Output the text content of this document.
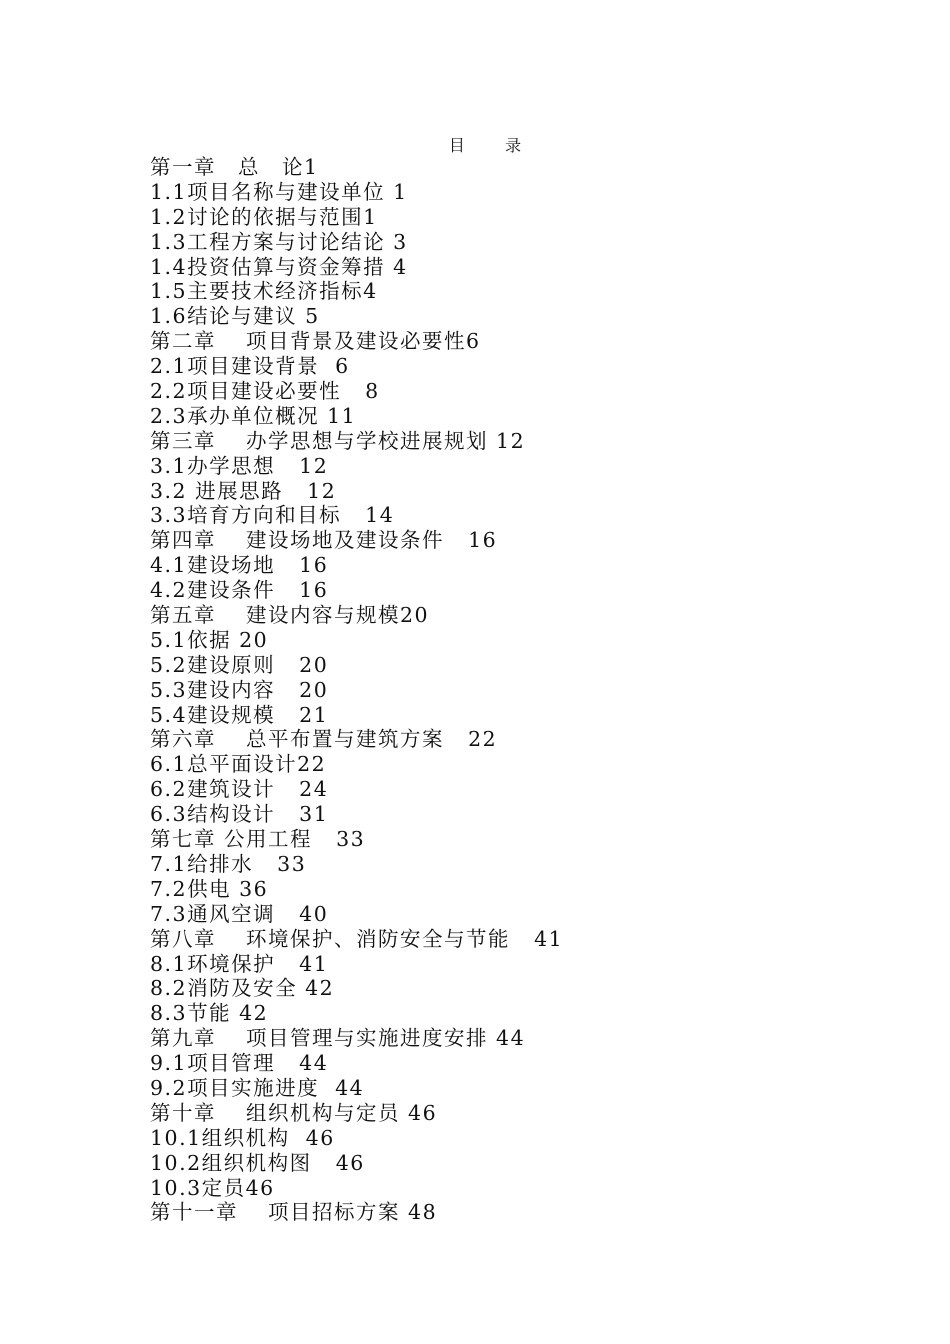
目  录
第一章　总　论1
1.1项目名称与建设单位 1
1.2讨论的依据与范围1
1.3工程方案与讨论结论 3
1.4投资估算与资金筹措 4
1.5主要技术经济指标4
1.6结论与建议 5
第二章　 项目背景及建设必要性6
2.1项目建设背景  6
2.2项目建设必要性   8
2.3承办单位概况 11
第三章　 办学思想与学校进展规划 12
3.1办学思想   12
3.2 进展思路   12
3.3培育方向和目标   14
第四章　 建设场地及建设条件   16
4.1建设场地   16
4.2建设条件   16
第五章　 建设内容与规模20
5.1依据 20
5.2建设原则   20
5.3建设内容   20
5.4建设规模   21
第六章　 总平布置与建筑方案   22
6.1总平面设计22
6.2建筑设计   24
6.3结构设计   31
第七章 公用工程   33
7.1给排水   33
7.2供电 36
7.3通风空调   40
第八章　 环境保护、消防安全与节能   41
8.1环境保护   41
8.2消防及安全 42
8.3节能 42
第九章　 项目管理与实施进度安排 44
9.1项目管理   44
9.2项目实施进度  44
第十章　 组织机构与定员 46
10.1组织机构  46
10.2组织机构图   46
10.3定员46
第十一章　 项目招标方案 48
